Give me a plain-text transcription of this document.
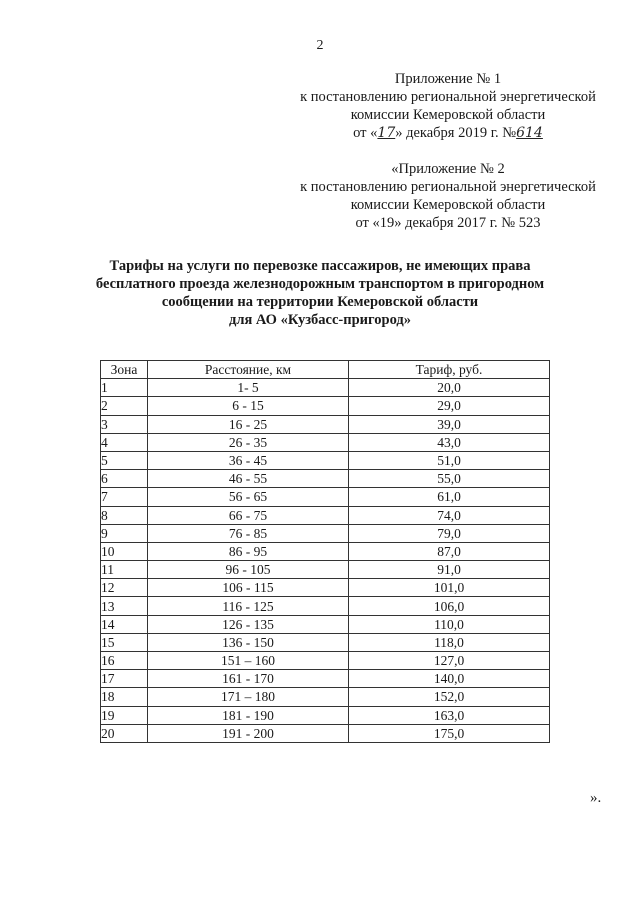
2
Приложение № 1
к постановлению региональной энергетической
комиссии Кемеровской области
от «17» декабря 2019 г. №614
«Приложение № 2
к постановлению региональной энергетической
комиссии Кемеровской области
от «19» декабря 2017 г. № 523
Тарифы на услуги по перевозке пассажиров, не имеющих права
бесплатного проезда железнодорожным транспортом в пригородном
сообщении на территории Кемеровской области
для АО «Кузбасс-пригород»
Зона	Расстояние, км	Тариф, руб.
1	1- 5	20,0
2	6 - 15	29,0
3	16 - 25	39,0
4	26 - 35	43,0
5	36 - 45	51,0
6	46 - 55	55,0
7	56 - 65	61,0
8	66 - 75	74,0
9	76 - 85	79,0
10	86 - 95	87,0
11	96 - 105	91,0
12	106 - 115	101,0
13	116 - 125	106,0
14	126 - 135	110,0
15	136 - 150	118,0
16	151 – 160	127,0
17	161 - 170	140,0
18	171 – 180	152,0
19	181 - 190	163,0
20	191 - 200	175,0
».
